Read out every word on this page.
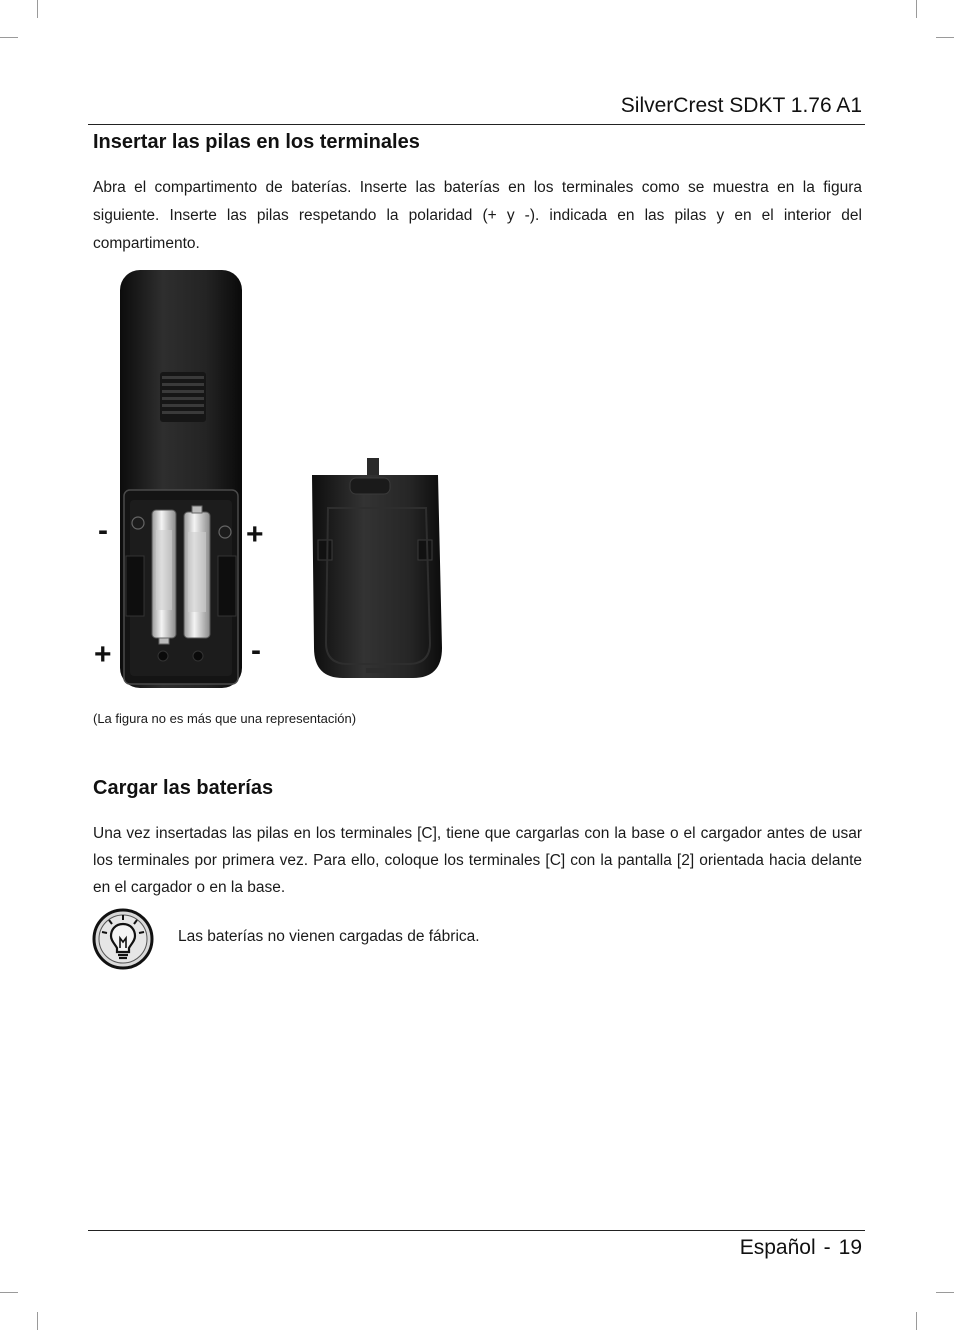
SilverCrest SDKT 1.76 A1
Insertar las pilas en los terminales

Abra el compartimento de baterías. Inserte las baterías en los terminales como se muestra en la figura siguiente. Inserte las pilas respetando la polaridad (+ y -). indicada en las pilas y en el interior del compartimento.

-	+
+	-
(La figura no es más que una representación)
Cargar las baterías

Una vez insertadas las pilas en los terminales [C], tiene que cargarlas con la base o el cargador antes de usar los terminales por primera vez. Para ello, coloque los terminales [C] con la pantalla [2] orientada hacia delante en el cargador o en la base.

Las baterías no vienen cargadas de fábrica.
Español - 19
